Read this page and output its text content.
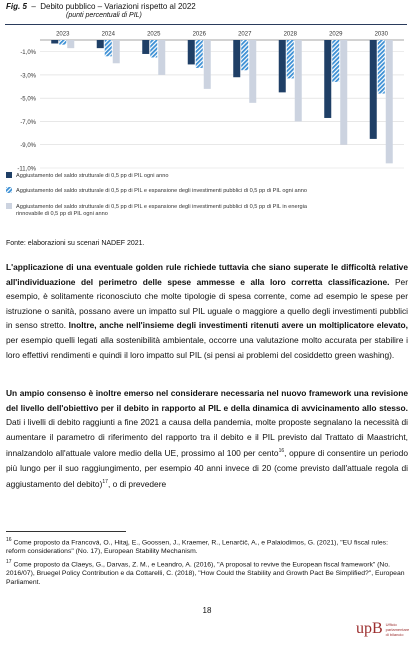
Fig. 5 – Debito pubblico – Variazioni rispetto al 2022
(punti percentuali di PIL)
-1,0%
-3,0%
-5,0%
-7,0%
-9,0%
-11,0%
2023	2024	2025	2026	2027	2028	2029	2030
Aggiustamento del saldo strutturale di 0,5 pp di PIL ogni anno
Aggiustamento del saldo strutturale di 0,5 pp di PIL e espansione degli investimenti pubblici di 0,5 pp di PIL ogni anno
Aggiustamento del saldo strutturale di 0,5 pp di PIL e espansione degli investimenti pubblici di 0,5 pp di PIL in energia rinnovabile di 0,5 pp di PIL ogni anno
Fonte: elaborazioni su scenari NADEF 2021.
L'applicazione di una eventuale golden rule richiede tuttavia che siano superate le difficoltà relative all'individuazione del perimetro delle spese ammesse e alla loro corretta classificazione. Per esempio, è solitamente riconosciuto che molte tipologie di spesa corrente, come ad esempio le spese per istruzione o sanità, possano avere un impatto sul PIL uguale o maggiore a quello degli investimenti pubblici in senso stretto. Inoltre, anche nell'insieme degli investimenti ritenuti avere un moltiplicatore elevato, per esempio quelli legati alla sostenibilità ambientale, occorre una valutazione molto accurata per stabilire i loro effettivi rendimenti e quindi il loro impatto sul PIL (si pensi ai problemi del cosiddetto green washing).
Un ampio consenso è inoltre emerso nel considerare necessaria nel nuovo framework una revisione del livello dell'obiettivo per il debito in rapporto al PIL e della dinamica di avvicinamento allo stesso. Dati i livelli di debito raggiunti a fine 2021 a causa della pandemia, molte proposte segnalano la necessità di aumentare il parametro di riferimento del rapporto tra il debito e il PIL previsto dal Trattato di Maastricht, innalzandolo all'attuale valore medio della UE, prossimo al 100 per cento$^{16}$, oppure di consentire un periodo più lungo per il suo raggiungimento, per esempio 40 anni invece di 20 (come previsto dall'attuale regola di aggiustamento del debito)$^{17}$, o di prevedere
$^{16}$ Come proposto da Francová, O., Hitaj, E., Goossen, J., Kraemer, R., Lenarčič, A., e Palaiodimos, G. (2021), "EU fiscal rules: reform considerations" (No. 17), European Stability Mechanism.
$^{17}$ Come proposto da Claeys, G., Darvas, Z. M., e Leandro, A. (2016), "A proposal to revive the European fiscal framework" (No. 2016/07), Bruegel Policy Contribution e da Cottarelli, C. (2018), "How Could the Stability and Growth Pact Be Simplified?", European Parliament.
18
upB Ufficio
parlamentare
di bilancio
